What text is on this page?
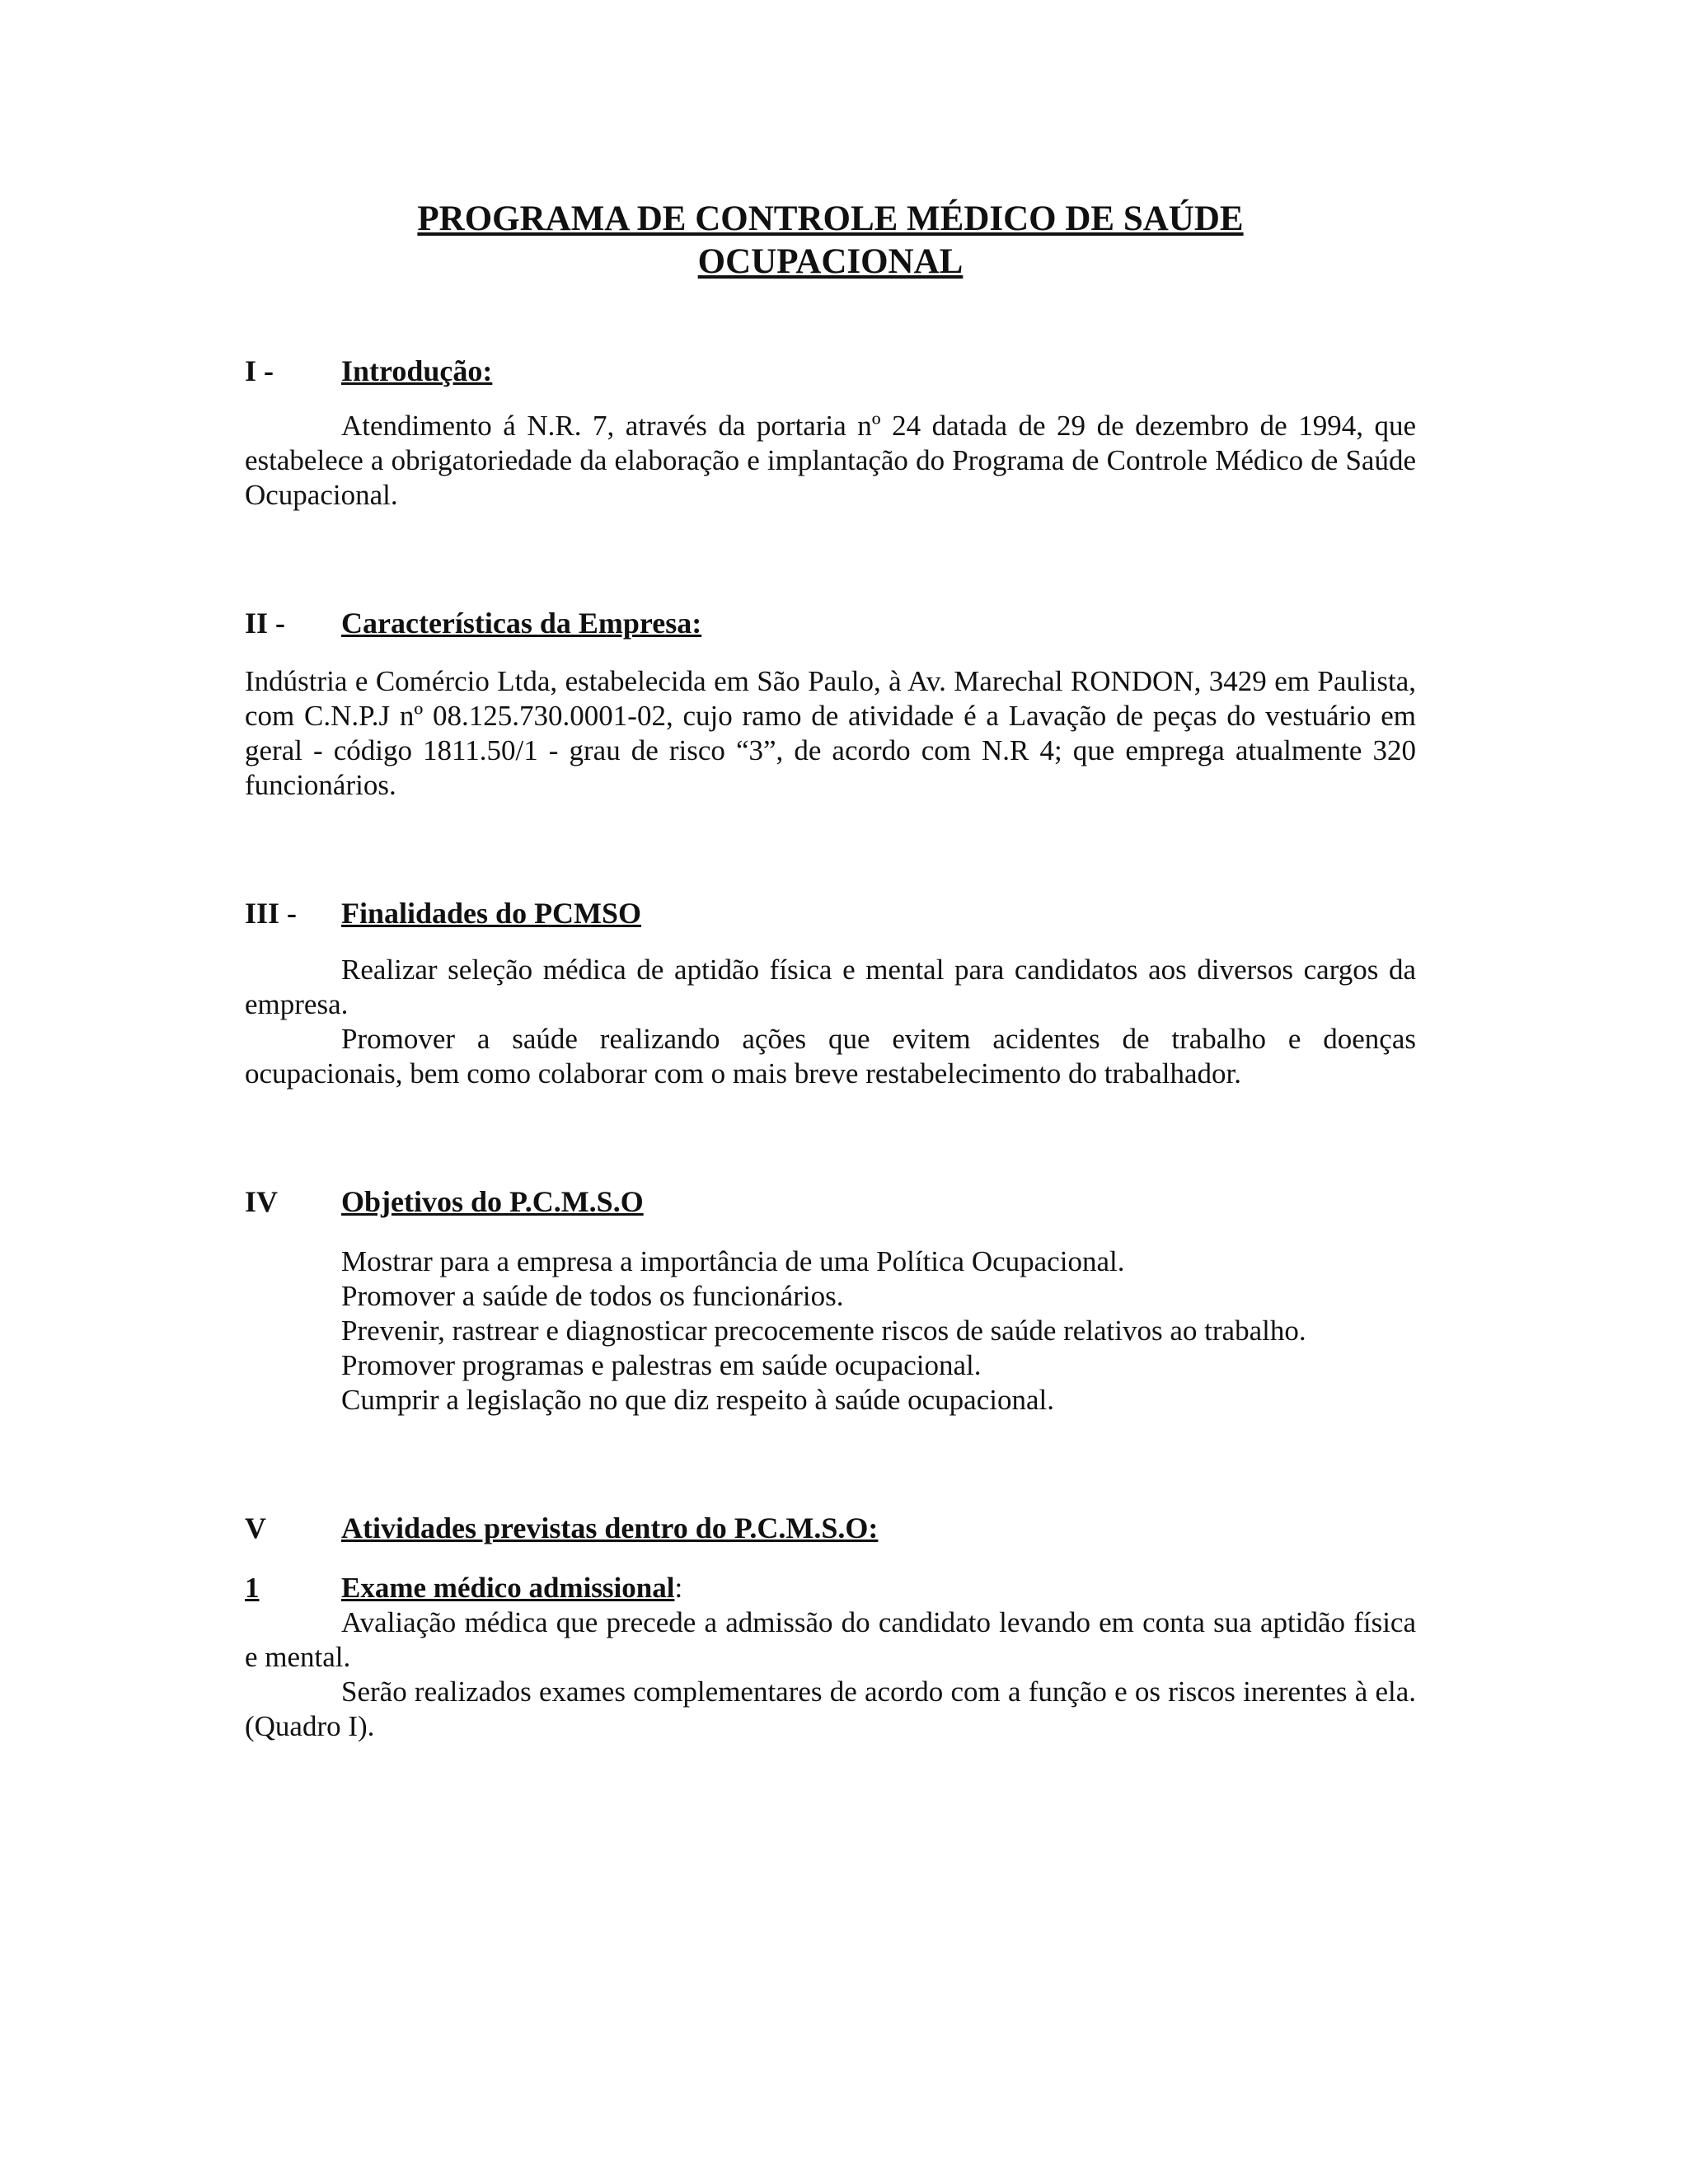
PROGRAMA DE CONTROLE MÉDICO DE SAÚDE
OCUPACIONAL
I -	Introdução:

Atendimento á N.R. 7, através da portaria nº 24 datada de 29 de dezembro de 1994, que estabelece a obrigatoriedade da elaboração e implantação do Programa de Controle Médico de Saúde Ocupacional.

II -	Características da Empresa:

Indústria e Comércio Ltda, estabelecida em São Paulo, à Av. Marechal RONDON, 3429 em Paulista, com C.N.P.J nº 08.125.730.0001-02, cujo ramo de atividade é a Lavação de peças do vestuário em geral - código 1811.50/1 - grau de risco “3”, de acordo com N.R 4; que emprega atualmente 320 funcionários.

III -	Finalidades do PCMSO

Realizar seleção médica de aptidão física e mental para candidatos aos diversos cargos da empresa.

Promover a saúde realizando ações que evitem acidentes de trabalho e doenças ocupacionais, bem como colaborar com o mais breve restabelecimento do trabalhador.

IV	Objetivos do P.C.M.S.O

Mostrar para a empresa a importância de uma Política Ocupacional.

Promover a saúde de todos os funcionários.

Prevenir, rastrear e diagnosticar precocemente riscos de saúde relativos ao trabalho.

Promover programas e palestras em saúde ocupacional.

Cumprir a legislação no que diz respeito à saúde ocupacional.

V	Atividades previstas dentro do P.C.M.S.O:
1	Exame médico admissional:

Avaliação médica que precede a admissão do candidato levando em conta sua aptidão física e mental.

Serão realizados exames complementares de acordo com a função e os riscos inerentes à ela.(Quadro I).
